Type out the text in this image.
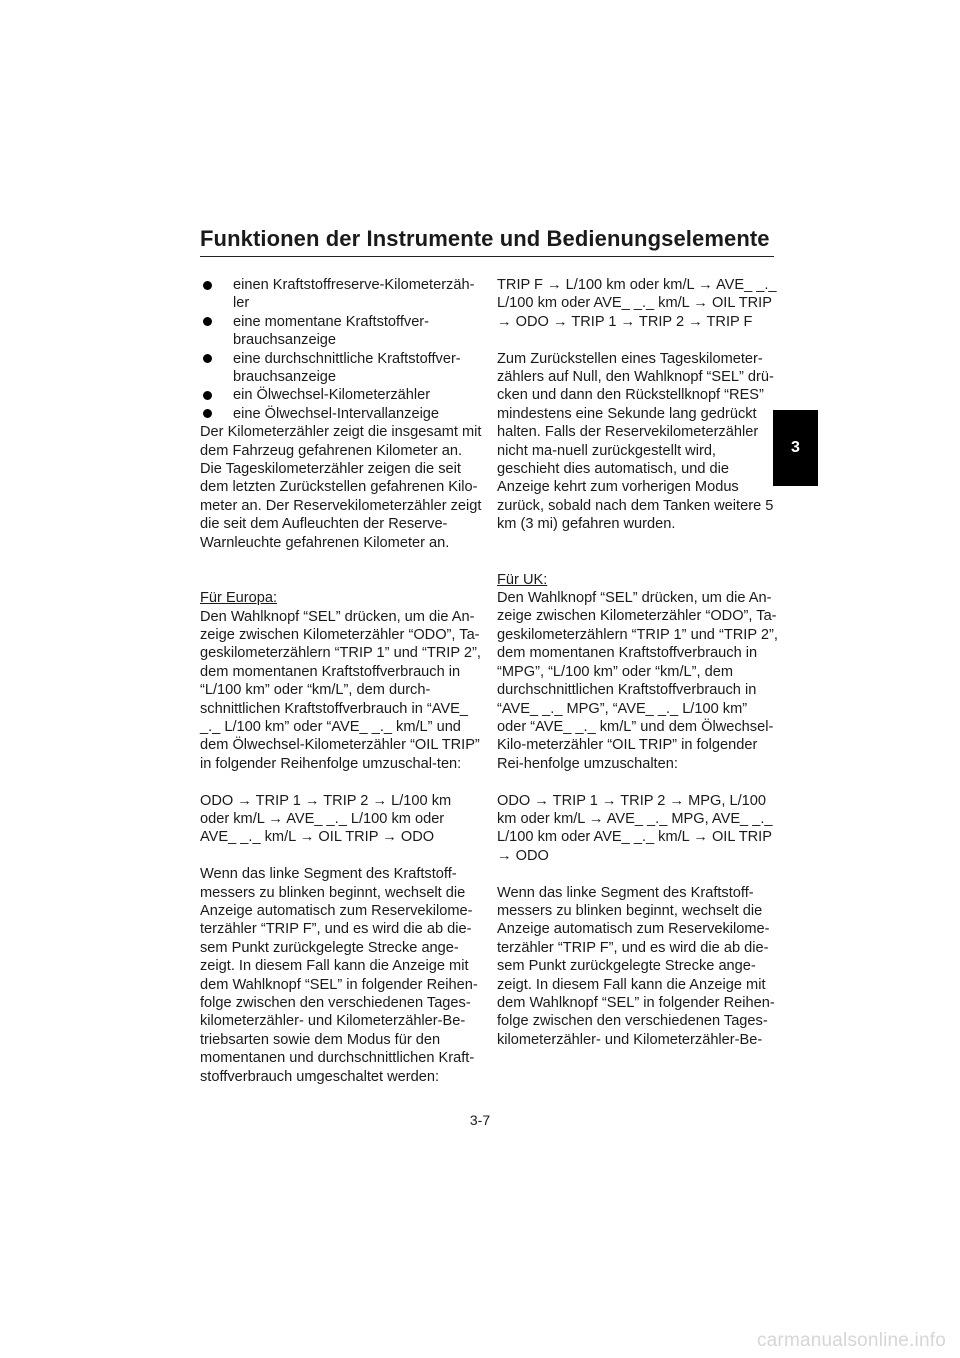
Funktionen der Instrumente und Bedienungselemente
3
einen Kraftstoffreserve-Kilometerzäh-ler
eine momentane Kraftstoffver-brauchsanzeige
eine durchschnittliche Kraftstoffver-brauchsanzeige
ein Ölwechsel-Kilometerzähler
eine Ölwechsel-Intervallanzeige

Der Kilometerzähler zeigt die insgesamt mit dem Fahrzeug gefahrenen Kilometer an. Die Tageskilometerzähler zeigen die seit dem letzten Zurückstellen gefahrenen Kilo-meter an. Der Reservekilometerzähler zeigt die seit dem Aufleuchten der Reserve-Warnleuchte gefahrenen Kilometer an.

Für Europa:

Den Wahlknopf “SEL” drücken, um die An-zeige zwischen Kilometerzähler “ODO”, Ta-geskilometerzählern “TRIP 1” und “TRIP 2”, dem momentanen Kraftstoffverbrauch in “L/100 km” oder “km/L”, dem durch-schnittlichen Kraftstoffverbrauch in “AVE_ _._ L/100 km” oder “AVE_ _._ km/L” und dem Ölwechsel-Kilometerzähler “OIL TRIP” in folgender Reihenfolge umzuschal-ten:

ODO → TRIP 1 → TRIP 2 → L/100 km oder km/L → AVE_ _._ L/100 km oder AVE_ _._ km/L → OIL TRIP → ODO

Wenn das linke Segment des Kraftstoff-messers zu blinken beginnt, wechselt die Anzeige automatisch zum Reservekilome-terzähler “TRIP F”, und es wird die ab die-sem Punkt zurückgelegte Strecke ange-zeigt. In diesem Fall kann die Anzeige mit dem Wahlknopf “SEL” in folgender Reihen-folge zwischen den verschiedenen Tages-kilometerzähler- und Kilometerzähler-Be-triebsarten sowie dem Modus für den momentanen und durchschnittlichen Kraft-stoffverbrauch umgeschaltet werden:

TRIP F → L/100 km oder km/L → AVE_ _._ L/100 km oder AVE_ _._ km/L → OIL TRIP → ODO → TRIP 1 → TRIP 2 → TRIP F

Zum Zurückstellen eines Tageskilometer-zählers auf Null, den Wahlknopf “SEL” drü-cken und dann den Rückstellknopf “RES” mindestens eine Sekunde lang gedrückt halten. Falls der Reservekilometerzähler nicht ma-nuell zurückgestellt wird, geschieht dies automatisch, und die Anzeige kehrt zum vorherigen Modus zurück, sobald nach dem Tanken weitere 5 km (3 mi) gefahren wurden.

Für UK:

Den Wahlknopf “SEL” drücken, um die An-zeige zwischen Kilometerzähler “ODO”, Ta-geskilometerzählern “TRIP 1” und “TRIP 2”, dem momentanen Kraftstoffverbrauch in “MPG”, “L/100 km” oder “km/L”, dem durchschnittlichen Kraftstoffverbrauch in “AVE_ _._ MPG”, “AVE_ _._ L/100 km” oder “AVE_ _._ km/L” und dem Ölwechsel-Kilo-meterzähler “OIL TRIP” in folgender Rei-henfolge umzuschalten:

ODO → TRIP 1 → TRIP 2 → MPG, L/100 km oder km/L → AVE_ _._ MPG, AVE_ _._ L/100 km oder AVE_ _._ km/L → OIL TRIP → ODO

Wenn das linke Segment des Kraftstoff-messers zu blinken beginnt, wechselt die Anzeige automatisch zum Reservekilome-terzähler “TRIP F”, und es wird die ab die-sem Punkt zurückgelegte Strecke ange-zeigt. In diesem Fall kann die Anzeige mit dem Wahlknopf “SEL” in folgender Reihen-folge zwischen den verschiedenen Tages-kilometerzähler- und Kilometerzähler-Be-

3-7
carmanualsonline.info
